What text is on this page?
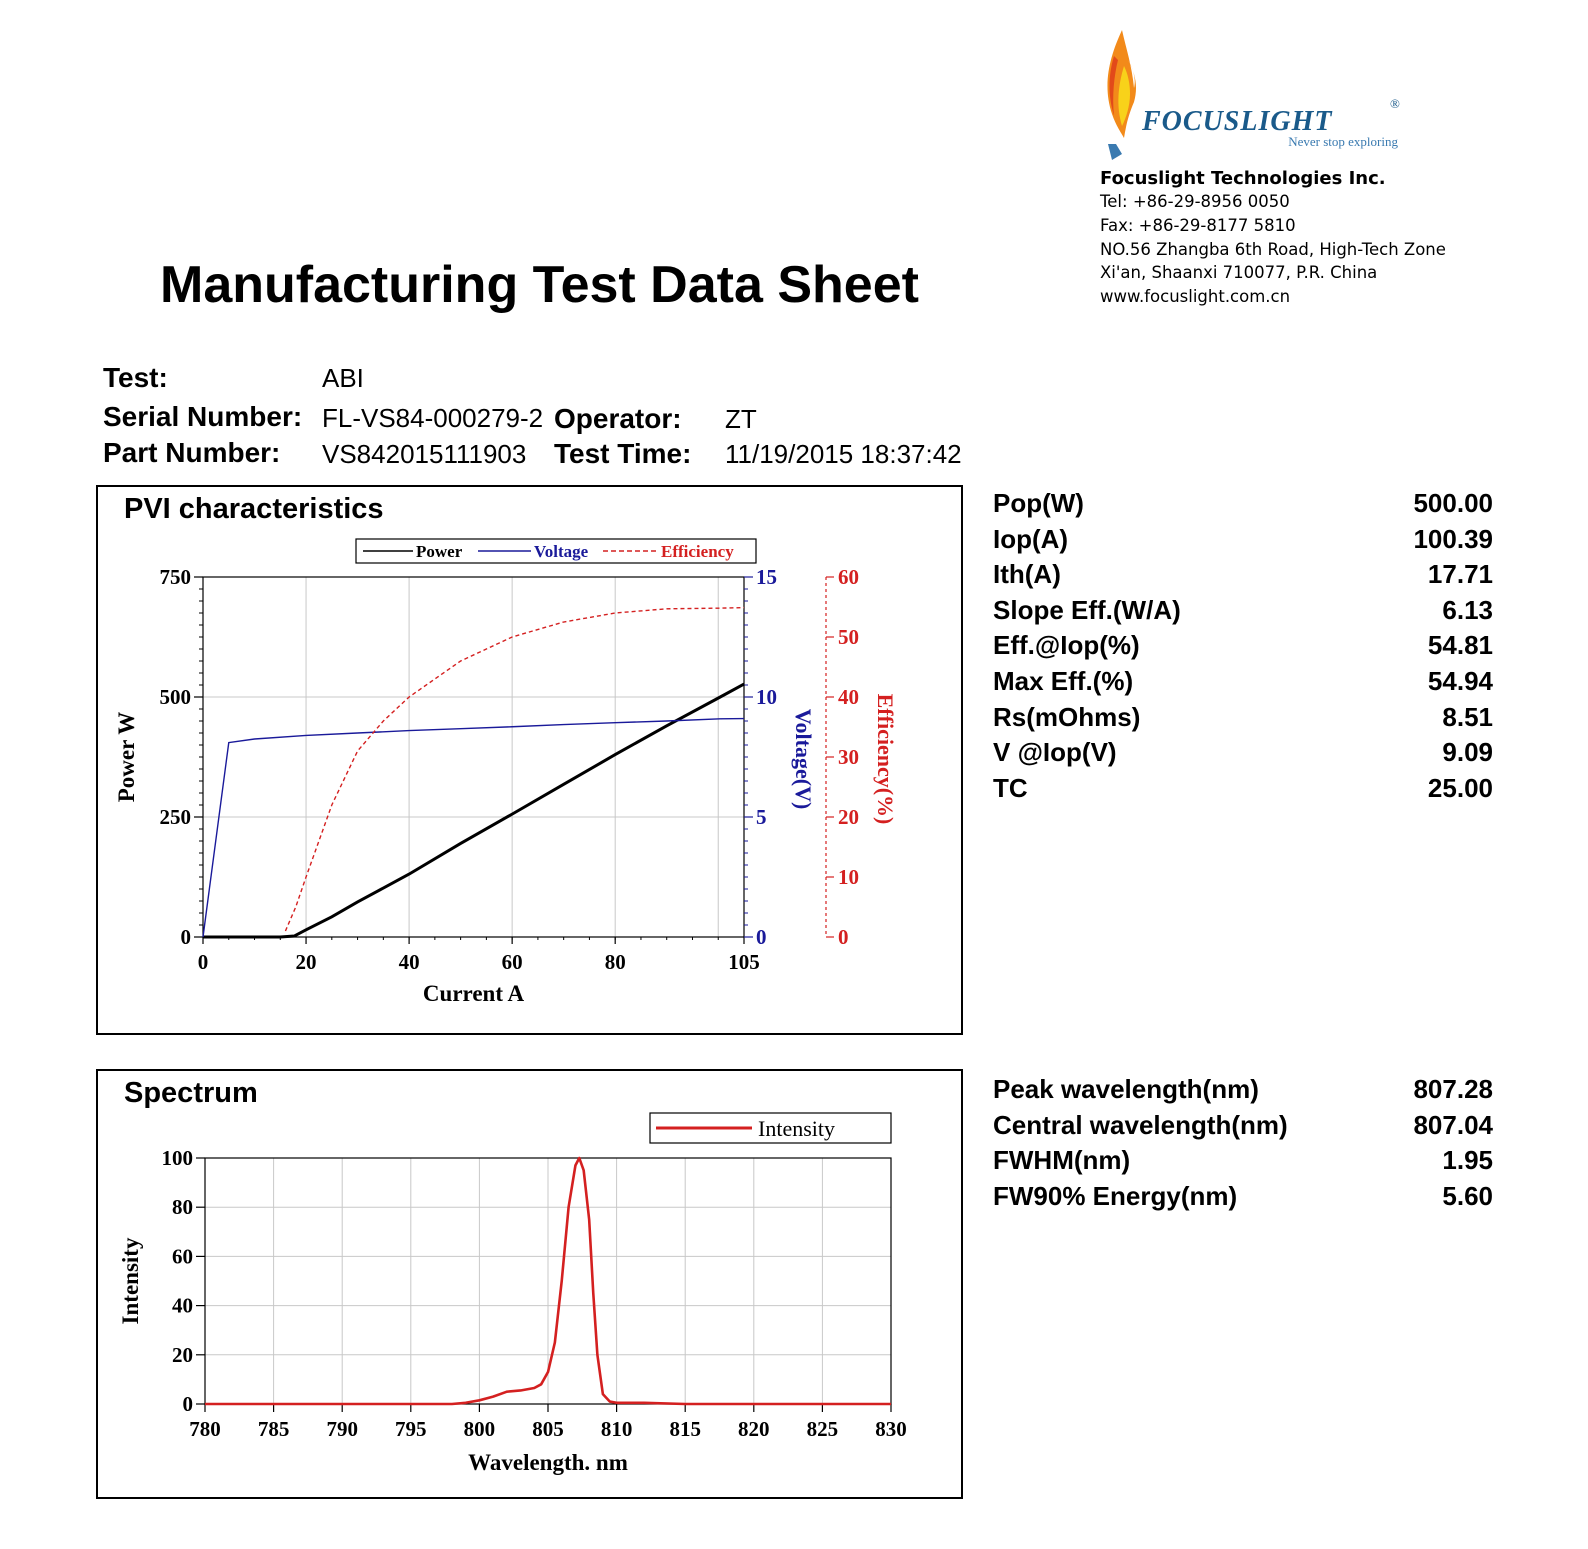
FOCUSLIGHT
®
Never stop exploring
Focuslight Technologies Inc.
Tel: +86-29-8956 0050
Fax: +86-29-8177 5810
NO.56 Zhangba 6th Road, High-Tech Zone
Xi'an, Shaanxi 710077, P.R. China
www.focuslight.com.cn
Manufacturing Test Data Sheet
Test:	ABI
Serial Number: FL-VS84-000279-2 Operator: ZT
Part Number: VS842015111903 Test Time: 11/19/2015 18:37:42
PVI characteristics
0
250
500
750
0	20	40	60	80	105
Current A
Power W
0
5
10
15
Voltage(V)
0
10
20
30
40
50
60
Efficiency(%)
Power	Voltage	Efficiency
Spectrum
0
20
40
60
80
100
780 785 790 795 800 805 810 815 820 825 830
Wavelength. nm
Intensity
Intensity
Pop(W)	500.00
Iop(A)	100.39
Ith(A)	17.71
Slope Eff.(W/A)	6.13
Eff.@Iop(%)	54.81
Max Eff.(%)	54.94
Rs(mOhms)	8.51
V @Iop(V)	9.09
TC	25.00
Peak wavelength(nm)	807.28
Central wavelength(nm)	807.04
FWHM(nm)	1.95
FW90% Energy(nm)	5.60
